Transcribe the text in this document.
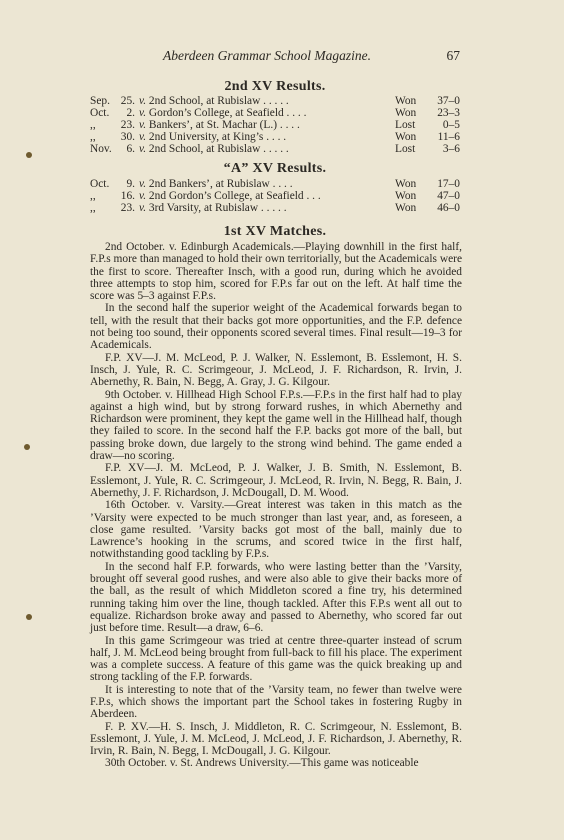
Aberdeen Grammar School Magazine.	67
2nd XV Results.
Sep. 25. v. 2nd School, at Rubislaw . . . . .	Won	37–0
Oct.	2. v. Gordon’s College, at Seafield . . . .	Won	23–3
,,	23. v. Bankers’, at St. Machar (L.) . . . .	Lost	0–5
,,	30. v. 2nd University, at King’s . . . .	Won	11–6
Nov.	6. v. 2nd School, at Rubislaw . . . . .	Lost	3–6
“A” XV Results.
Oct.	9. v. 2nd Bankers’, at Rubislaw . . . .	Won	17–0
,,	16. v. 2nd Gordon’s College, at Seafield . . .	Won	47–0
,,	23. v. 3rd Varsity, at Rubislaw . . . . .	Won	46–0
1st XV Matches.

2nd October. v. Edinburgh Academicals.—Playing downhill in the first half, F.P.s more than managed to hold their own territorially, but the Academicals were the first to score. Thereafter Insch, with a good run, during which he avoided three attempts to stop him, scored for F.P.s far out on the left. At half time the score was 5–3 against F.P.s.

In the second half the superior weight of the Academical forwards began to tell, with the result that their backs got more opportunities, and the F.P. defence not being too sound, their opponents scored several times. Final result—19–3 for Academicals.

F.P. XV—J. M. McLeod, P. J. Walker, N. Esslemont, B. Esslemont, H. S. Insch, J. Yule, R. C. Scrimgeour, J. McLeod, J. F. Richardson, R. Irvin, J. Abernethy, R. Bain, N. Begg, A. Gray, J. G. Kilgour.

9th October. v. Hillhead High School F.P.s.—F.P.s in the first half had to play against a high wind, but by strong forward rushes, in which Abernethy and Richardson were prominent, they kept the game well in the Hillhead half, though they failed to score. In the second half the F.P. backs got more of the ball, but passing broke down, due largely to the strong wind behind. The game ended a draw—no scoring.

F.P. XV—J. M. McLeod, P. J. Walker, J. B. Smith, N. Esslemont, B. Esslemont, J. Yule, R. C. Scrimgeour, J. McLeod, R. Irvin, N. Begg, R. Bain, J. Abernethy, J. F. Richardson, J. McDougall, D. M. Wood.

16th October. v. Varsity.—Great interest was taken in this match as the ’Varsity were expected to be much stronger than last year, and, as foreseen, a close game resulted. ’Varsity backs got most of the ball, mainly due to Lawrence’s hooking in the scrums, and scored twice in the first half, notwithstanding good tackling by F.P.s.

In the second half F.P. forwards, who were lasting better than the ’Varsity, brought off several good rushes, and were also able to give their backs more of the ball, as the result of which Middleton scored a fine try, his determined running taking him over the line, though tackled. After this F.P.s went all out to equalize. Richardson broke away and passed to Abernethy, who scored far out just before time. Result—a draw, 6–6.

In this game Scrimgeour was tried at centre three-quarter instead of scrum half, J. M. McLeod being brought from full-back to fill his place. The experiment was a complete success. A feature of this game was the quick breaking up and strong tackling of the F.P. forwards.

It is interesting to note that of the ’Varsity team, no fewer than twelve were F.P.s, which shows the important part the School takes in fostering Rugby in Aberdeen.

F. P. XV.—H. S. Insch, J. Middleton, R. C. Scrimgeour, N. Esslemont, B. Esslemont, J. Yule, J. M. McLeod, J. McLeod, J. F. Richardson, J. Abernethy, R. Irvin, R. Bain, N. Begg, I. McDougall, J. G. Kilgour.

30th October. v. St. Andrews University.—This game was noticeable
